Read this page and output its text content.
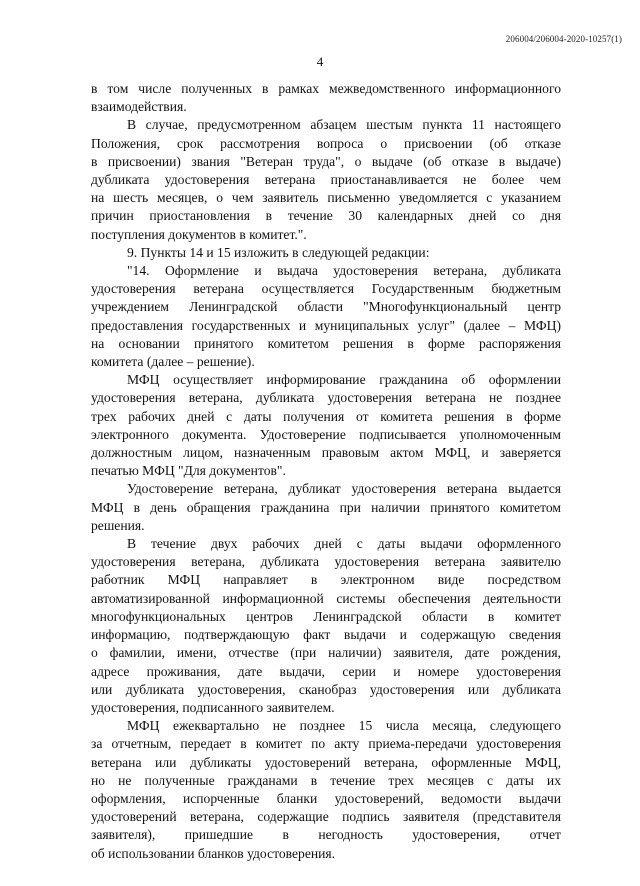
206004/206004-2020-10257(1)
4

в том числе полученных в рамках межведомственного информационного
взаимодействия.

В случае, предусмотренном абзацем шестым пункта 11 настоящего
Положения, срок рассмотрения вопроса о присвоении (об отказе
в присвоении) звания "Ветеран труда", о выдаче (об отказе в выдаче)
дубликата удостоверения ветерана приостанавливается не более чем
на шесть месяцев, о чем заявитель письменно уведомляется с указанием
причин приостановления в течение 30 календарных дней со дня
поступления документов в комитет.".

9. Пункты 14 и 15 изложить в следующей редакции:

"14. Оформление и выдача удостоверения ветерана, дубликата
удостоверения ветерана осуществляется Государственным бюджетным
учреждением Ленинградской области "Многофункциональный центр
предоставления государственных и муниципальных услуг" (далее – МФЦ)
на основании принятого комитетом решения в форме распоряжения
комитета (далее – решение).

МФЦ осуществляет информирование гражданина об оформлении
удостоверения ветерана, дубликата удостоверения ветерана не позднее
трех рабочих дней с даты получения от комитета решения в форме
электронного документа. Удостоверение подписывается уполномоченным
должностным лицом, назначенным правовым актом МФЦ, и заверяется
печатью МФЦ "Для документов".

Удостоверение ветерана, дубликат удостоверения ветерана выдается
МФЦ в день обращения гражданина при наличии принятого комитетом
решения.

В течение двух рабочих дней с даты выдачи оформленного
удостоверения ветерана, дубликата удостоверения ветерана заявителю
работник МФЦ направляет в электронном виде посредством
автоматизированной информационной системы обеспечения деятельности
многофункциональных центров Ленинградской области в комитет
информацию, подтверждающую факт выдачи и содержащую сведения
о фамилии, имени, отчестве (при наличии) заявителя, дате рождения,
адресе проживания, дате выдачи, серии и номере удостоверения
или дубликата удостоверения, сканобраз удостоверения или дубликата
удостоверения, подписанного заявителем.

МФЦ ежеквартально не позднее 15 числа месяца, следующего
за отчетным, передает в комитет по акту приема-передачи удостоверения
ветерана или дубликаты удостоверений ветерана, оформленные МФЦ,
но не полученные гражданами в течение трех месяцев с даты их
оформления, испорченные бланки удостоверений, ведомости выдачи
удостоверений ветерана, содержащие подпись заявителя (представителя
заявителя), пришедшие в негодность удостоверения, отчет
об использовании бланков удостоверения.
